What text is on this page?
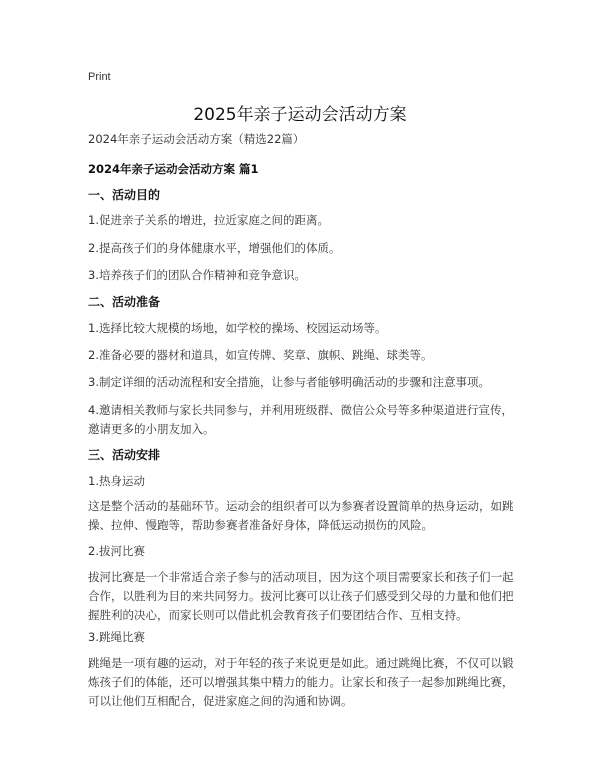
Print
2025年亲子运动会活动方案

2024年亲子运动会活动方案（精选22篇）

2024年亲子运动会活动方案 篇1

一、活动目的

1.促进亲子关系的增进，拉近家庭之间的距离。

2.提高孩子们的身体健康水平，增强他们的体质。

3.培养孩子们的团队合作精神和竞争意识。

二、活动准备

1.选择比较大规模的场地，如学校的操场、校园运动场等。

2.准备必要的器材和道具，如宣传牌、奖章、旗帜、跳绳、球类等。

3.制定详细的活动流程和安全措施，让参与者能够明确活动的步骤和注意事项。

4.邀请相关教师与家长共同参与，并利用班级群、微信公众号等多种渠道进行宣传，邀请更多的小朋友加入。

三、活动安排

1.热身运动

这是整个活动的基础环节。运动会的组织者可以为参赛者设置简单的热身运动，如跳操、拉伸、慢跑等，帮助参赛者准备好身体，降低运动损伤的风险。

2.拔河比赛

拔河比赛是一个非常适合亲子参与的活动项目，因为这个项目需要家长和孩子们一起合作，以胜利为目的来共同努力。拔河比赛可以让孩子们感受到父母的力量和他们把握胜利的决心，而家长则可以借此机会教育孩子们要团结合作、互相支持。

3.跳绳比赛

跳绳是一项有趣的运动，对于年轻的孩子来说更是如此。通过跳绳比赛，不仅可以锻炼孩子们的体能，还可以增强其集中精力的能力。让家长和孩子一起参加跳绳比赛，可以让他们互相配合，促进家庭之间的沟通和协调。
